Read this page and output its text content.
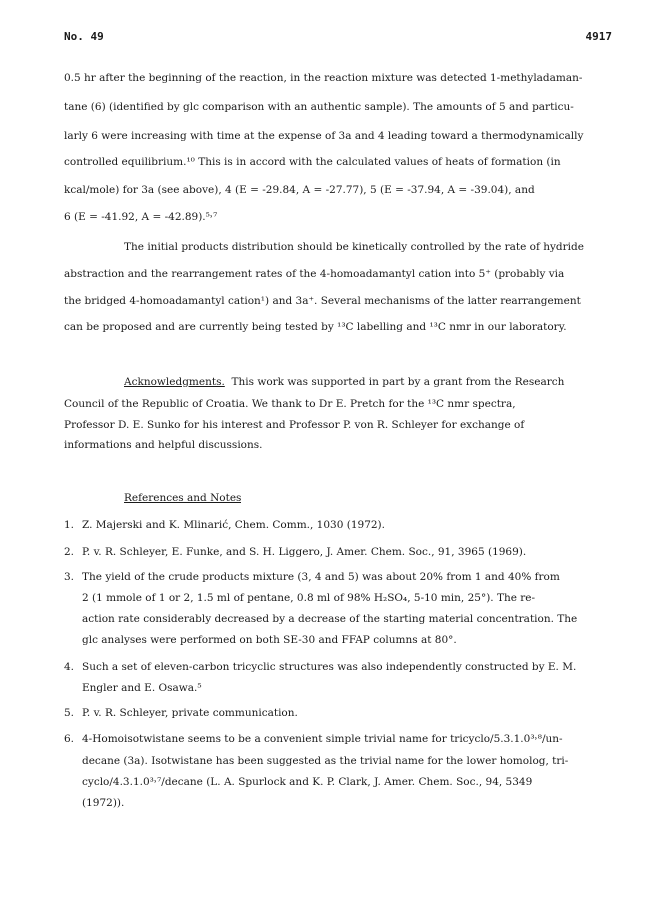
No. 49	4917
0.5 hr after the beginning of the reaction, in the reaction mixture was detected 1-methyladaman-
tane (6) (identified by glc comparison with an authentic sample). The amounts of 5 and particu-
larly 6 were increasing with time at the expense of 3a and 4 leading toward a thermodynamically
controlled equilibrium.¹⁰ This is in accord with the calculated values of heats of formation (in
kcal/mole) for 3a (see above), 4 (E = -29.84, A = -27.77), 5 (E = -37.94, A = -39.04), and
6 (E = -41.92, A = -42.89).⁵˒⁷
The initial products distribution should be kinetically controlled by the rate of hydride
abstraction and the rearrangement rates of the 4-homoadamantyl cation into 5⁺ (probably via
the bridged 4-homoadamantyl cation¹) and 3a⁺. Several mechanisms of the latter rearrangement
can be proposed and are currently being tested by ¹³C labelling and ¹³C nmr in our laboratory.
Acknowledgments. This work was supported in part by a grant from the Research
Council of the Republic of Croatia. We thank to Dr E. Pretch for the ¹³C nmr spectra,
Professor D. E. Sunko for his interest and Professor P. von R. Schleyer for exchange of
informations and helpful discussions.
References and Notes
1. Z. Majerski and K. Mlinarić, Chem. Comm., 1030 (1972).
2. P. v. R. Schleyer, E. Funke, and S. H. Liggero, J. Amer. Chem. Soc., 91, 3965 (1969).
3. The yield of the crude products mixture (3, 4 and 5) was about 20% from 1 and 40% from
2 (1 mmole of 1 or 2, 1.5 ml of pentane, 0.8 ml of 98% H₂SO₄, 5-10 min, 25°). The re-
action rate considerably decreased by a decrease of the starting material concentration. The
glc analyses were performed on both SE-30 and FFAP columns at 80°.
4. Such a set of eleven-carbon tricyclic structures was also independently constructed by E. M.
Engler and E. Osawa.⁵
5. P. v. R. Schleyer, private communication.
6. 4-Homoisotwistane seems to be a convenient simple trivial name for tricyclo/5.3.1.0³˒⁸/un-
decane (3a). Isotwistane has been suggested as the trivial name for the lower homolog, tri-
cyclo/4.3.1.0³˒⁷/decane (L. A. Spurlock and K. P. Clark, J. Amer. Chem. Soc., 94, 5349
(1972)).
